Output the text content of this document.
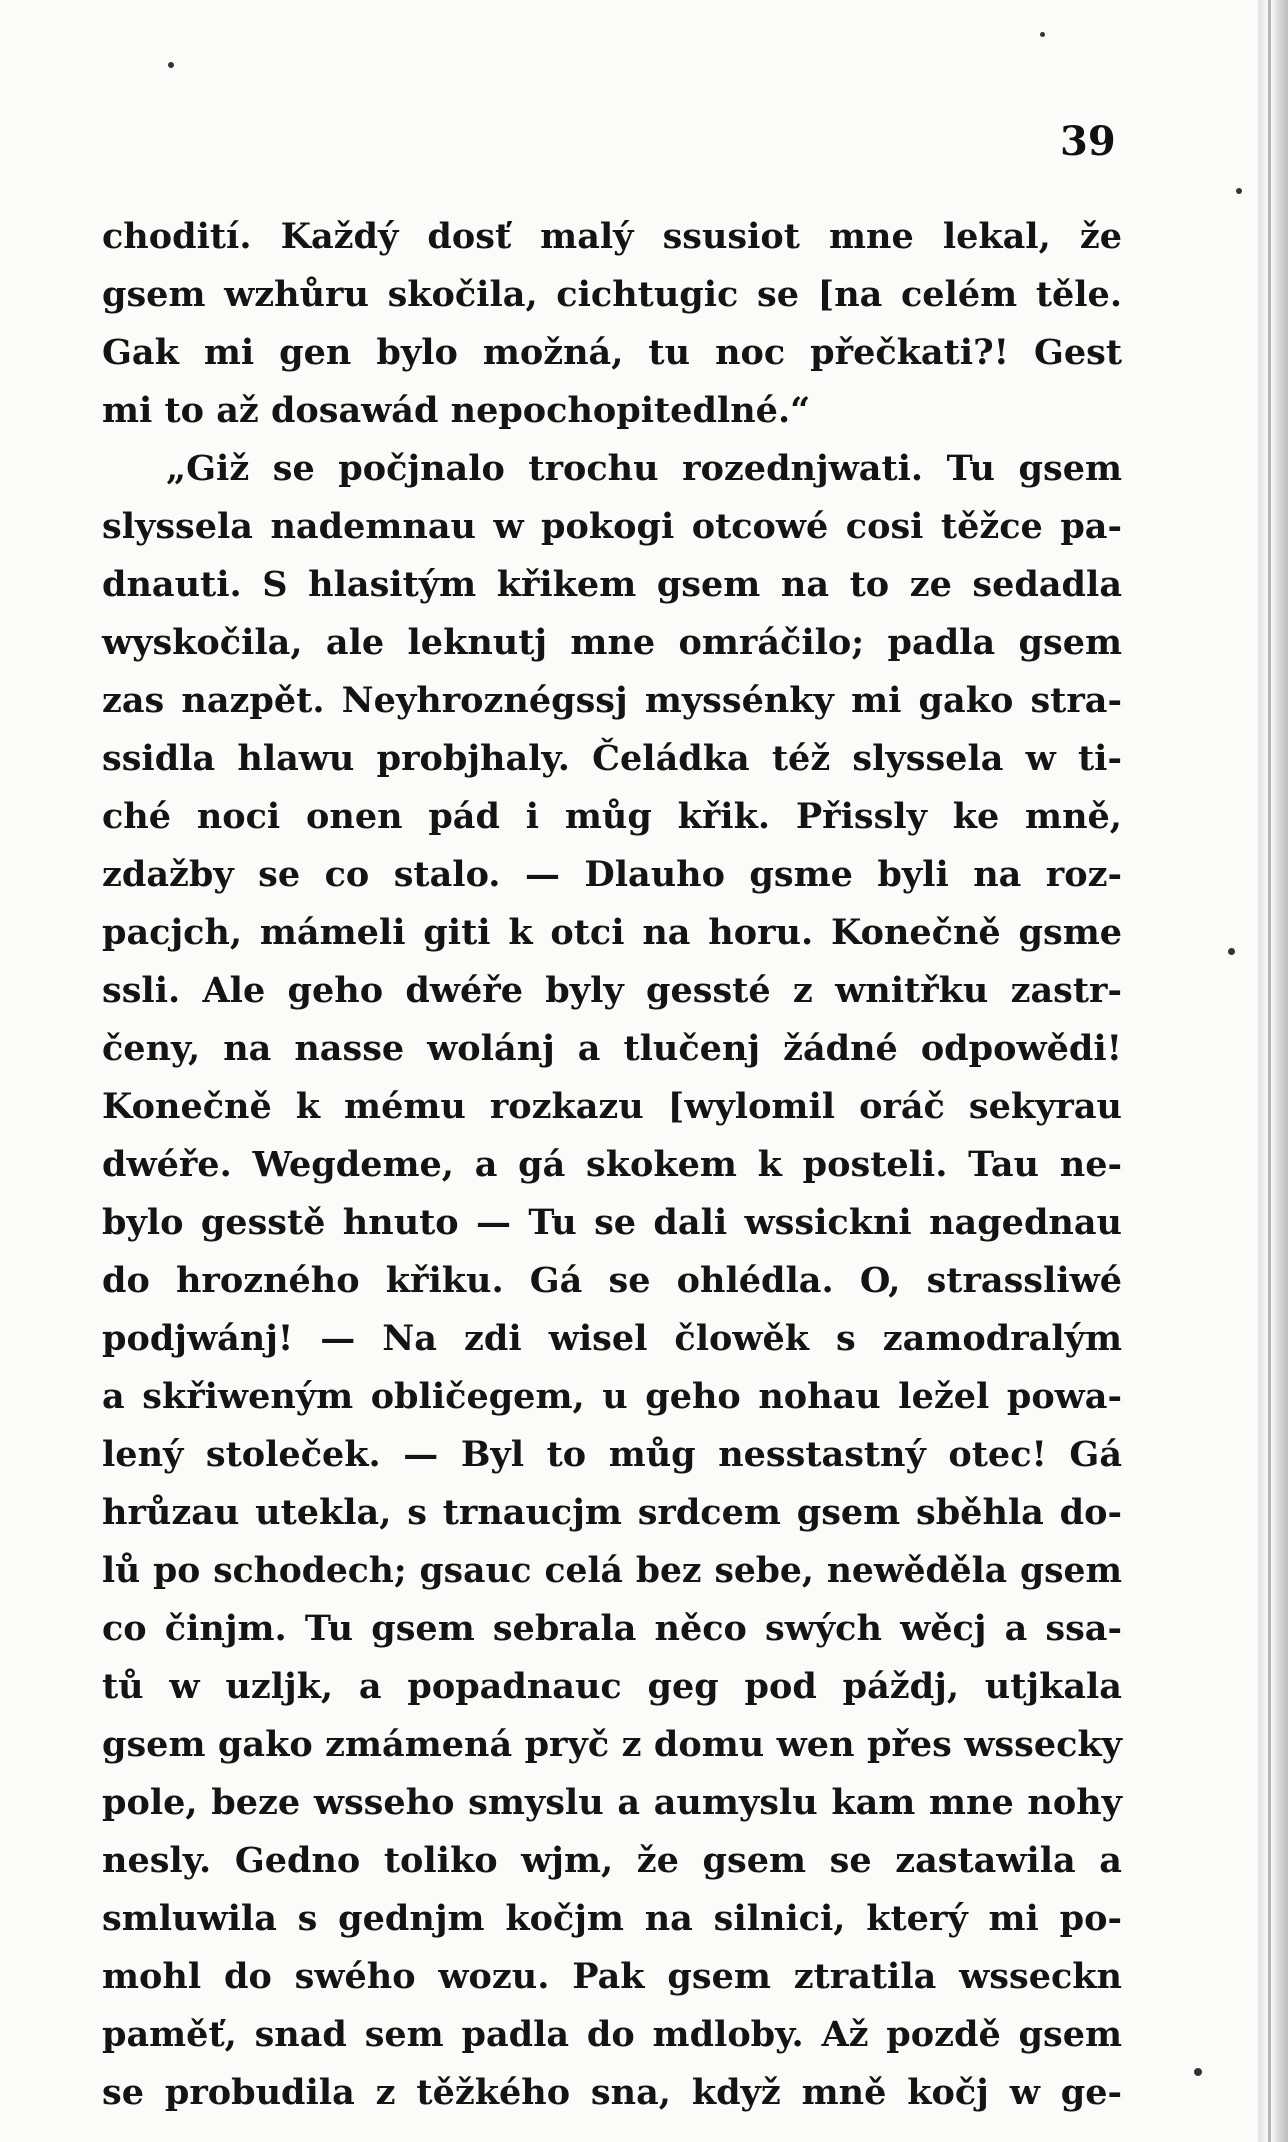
39
chodití. Každý dosť malý ssusiot mne lekal, že
gsem wzhůru skočila, cichtugic se [na celém těle.
Gak mi gen bylo možná, tu noc přečkati?! Gest
mi to až dosawád nepochopitedlné.“
„Giž se počjnalo trochu rozednjwati. Tu gsem
slyssela nademnau w pokogi otcowé cosi těžce pa-
dnauti. S hlasitým křikem gsem na to ze sedadla
wyskočila, ale leknutj mne omráčilo; padla gsem
zas nazpět. Neyhroznégssj myssénky mi gako stra-
ssidla hlawu probjhaly. Čeládka též slyssela w ti-
ché noci onen pád i můg křik. Přissly ke mně,
zdažby se co stalo. — Dlauho gsme byli na roz-
pacjch, mámeli giti k otci na horu. Konečně gsme
ssli. Ale geho dwéře byly gessté z wnitřku zastr-
čeny, na nasse wolánj a tlučenj žádné odpowědi!
Konečně k mému rozkazu [wylomil oráč sekyrau
dwéře. Wegdeme, a gá skokem k posteli. Tau ne-
bylo gesstě hnuto — Tu se dali wssickni nagednau
do hrozného křiku. Gá se ohlédla. O, strassliwé
podjwánj! — Na zdi wisel člowěk s zamodralým
a skřiweným obličegem, u geho nohau ležel powa-
lený stoleček. — Byl to můg nesstastný otec! Gá
hrůzau utekla, s trnaucjm srdcem gsem sběhla do-
lů po schodech; gsauc celá bez sebe, newěděla gsem
co činjm. Tu gsem sebrala něco swých wěcj a ssa-
tů w uzljk, a popadnauc geg pod páždj, utjkala
gsem gako zmámená pryč z domu wen přes wssecky
pole, beze wsseho smyslu a aumyslu kam mne nohy
nesly. Gedno toliko wjm, že gsem se zastawila a
smluwila s gednjm kočjm na silnici, který mi po-
mohl do swého wozu. Pak gsem ztratila wsseckn
paměť, snad sem padla do mdloby. Až pozdě gsem
se probudila z těžkého sna, když mně kočj w ge-
